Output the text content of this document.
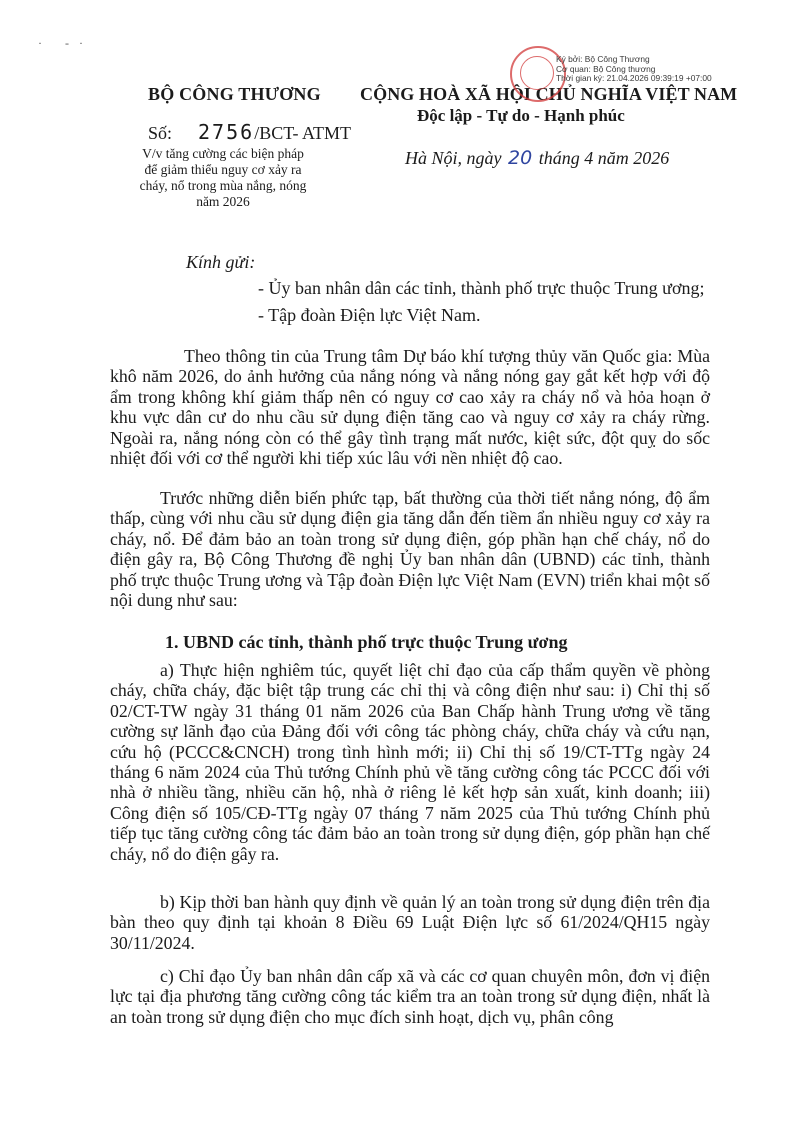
· -·
BỘ CÔNG THƯƠNG
Số: 2756/BCT- ATMT
V/v tăng cường các biện pháp để giảm thiểu nguy cơ xảy ra cháy, nổ trong mùa nắng, nóng năm 2026
CỘNG HOÀ XÃ HỘI CHỦ NGHĨA VIỆT NAM
Độc lập - Tự do - Hạnh phúc
Ký bởi: Bộ Công Thương
Cơ quan: Bộ Công thương
Thời gian ký: 21.04.2026 09:39:19 +07:00
Hà Nội, ngày 20 tháng 4 năm 2026
Kính gửi:
- Ủy ban nhân dân các tỉnh, thành phố trực thuộc Trung ương;
- Tập đoàn Điện lực Việt Nam.

Theo thông tin của Trung tâm Dự báo khí tượng thủy văn Quốc gia: Mùa khô năm 2026, do ảnh hưởng của nắng nóng và nắng nóng gay gắt kết hợp với độ ẩm trong không khí giảm thấp nên có nguy cơ cao xảy ra cháy nổ và hỏa hoạn ở khu vực dân cư do nhu cầu sử dụng điện tăng cao và nguy cơ xảy ra cháy rừng. Ngoài ra, nắng nóng còn có thể gây tình trạng mất nước, kiệt sức, đột quỵ do sốc nhiệt đối với cơ thể người khi tiếp xúc lâu với nền nhiệt độ cao.

Trước những diễn biến phức tạp, bất thường của thời tiết nắng nóng, độ ẩm thấp, cùng với nhu cầu sử dụng điện gia tăng dẫn đến tiềm ẩn nhiều nguy cơ xảy ra cháy, nổ. Để đảm bảo an toàn trong sử dụng điện, góp phần hạn chế cháy, nổ do điện gây ra, Bộ Công Thương đề nghị Ủy ban nhân dân (UBND) các tỉnh, thành phố trực thuộc Trung ương và Tập đoàn Điện lực Việt Nam (EVN) triển khai một số nội dung như sau:

1. UBND các tỉnh, thành phố trực thuộc Trung ương

a) Thực hiện nghiêm túc, quyết liệt chỉ đạo của cấp thẩm quyền về phòng cháy, chữa cháy, đặc biệt tập trung các chỉ thị và công điện như sau: i) Chỉ thị số 02/CT-TW ngày 31 tháng 01 năm 2026 của Ban Chấp hành Trung ương về tăng cường sự lãnh đạo của Đảng đối với công tác phòng cháy, chữa cháy và cứu nạn, cứu hộ (PCCC&CNCH) trong tình hình mới; ii) Chỉ thị số 19/CT-TTg ngày 24 tháng 6 năm 2024 của Thủ tướng Chính phủ về tăng cường công tác PCCC đối với nhà ở nhiều tầng, nhiều căn hộ, nhà ở riêng lẻ kết hợp sản xuất, kinh doanh; iii) Công điện số 105/CĐ-TTg ngày 07 tháng 7 năm 2025 của Thủ tướng Chính phủ tiếp tục tăng cường công tác đảm bảo an toàn trong sử dụng điện, góp phần hạn chế cháy, nổ do điện gây ra.

b) Kịp thời ban hành quy định về quản lý an toàn trong sử dụng điện trên địa bàn theo quy định tại khoản 8 Điều 69 Luật Điện lực số 61/2024/QH15 ngày 30/11/2024.

c) Chỉ đạo Ủy ban nhân dân cấp xã và các cơ quan chuyên môn, đơn vị điện lực tại địa phương tăng cường công tác kiểm tra an toàn trong sử dụng điện, nhất là an toàn trong sử dụng điện cho mục đích sinh hoạt, dịch vụ, phân công
